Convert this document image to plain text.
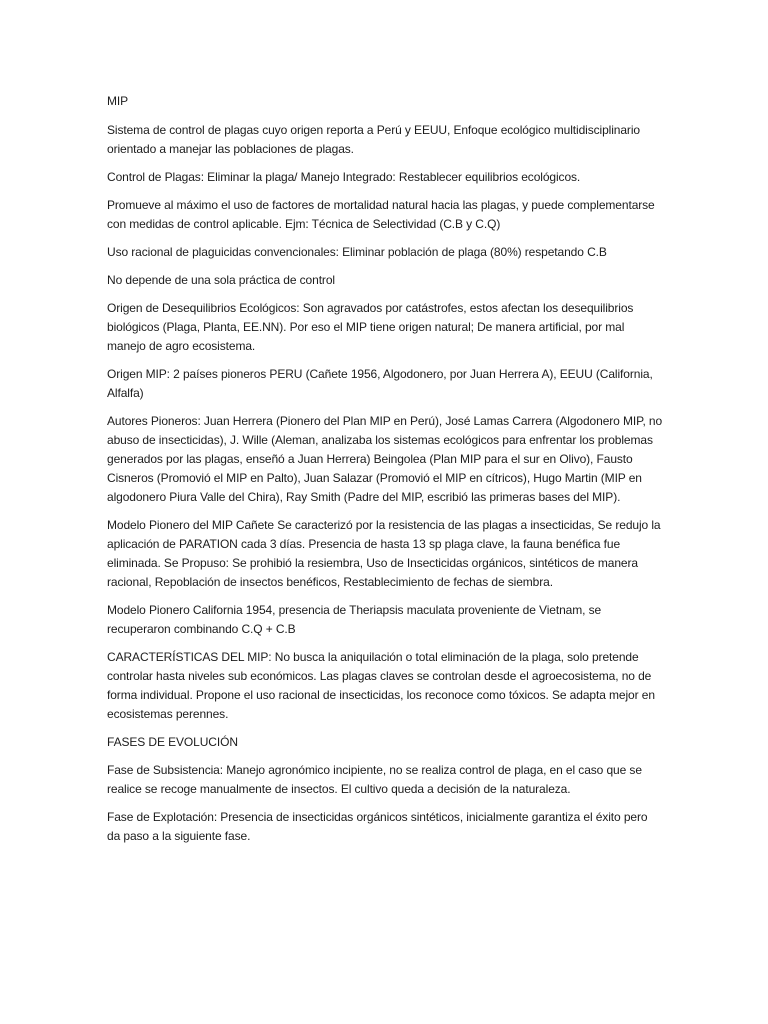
MIP

Sistema de control de plagas cuyo origen reporta a Perú y EEUU, Enfoque ecológico multidisciplinario orientado a manejar las poblaciones de plagas.

Control de Plagas: Eliminar la plaga/ Manejo Integrado: Restablecer equilibrios ecológicos.

Promueve al máximo el uso de factores de mortalidad natural hacia las plagas, y puede complementarse con medidas de control aplicable. Ejm: Técnica de Selectividad (C.B y C.Q)

Uso racional de plaguicidas convencionales: Eliminar población de plaga (80%) respetando C.B

No depende de una sola práctica de control

Origen de Desequilibrios Ecológicos: Son agravados por catástrofes, estos afectan los desequilibrios biológicos (Plaga, Planta, EE.NN). Por eso el MIP tiene origen natural; De manera artificial, por mal manejo de agro ecosistema.

Origen MIP: 2 países pioneros PERU (Cañete 1956, Algodonero, por Juan Herrera A), EEUU (California, Alfalfa)

Autores Pioneros: Juan Herrera (Pionero del Plan MIP en Perú), José Lamas Carrera (Algodonero MIP, no abuso de insecticidas), J. Wille (Aleman, analizaba los sistemas ecológicos para enfrentar los problemas generados por las plagas, enseñó a Juan Herrera) Beingolea (Plan MIP para el sur en Olivo), Fausto Cisneros (Promovió el MIP en Palto), Juan Salazar (Promovió el MIP en cítricos), Hugo Martin (MIP en algodonero Piura Valle del Chira), Ray Smith (Padre del MIP, escribió las primeras bases del MIP).

Modelo Pionero del MIP Cañete Se caracterizó por la resistencia de las plagas a insecticidas, Se redujo la aplicación de PARATION cada 3 días. Presencia de hasta 13 sp plaga clave, la fauna benéfica fue eliminada. Se Propuso: Se prohibió la resiembra, Uso de Insecticidas orgánicos, sintéticos de manera racional, Repoblación de insectos benéficos, Restablecimiento de fechas de siembra.

Modelo Pionero California 1954, presencia de Theriapsis maculata proveniente de Vietnam, se recuperaron combinando C.Q + C.B

CARACTERÍSTICAS DEL MIP: No busca la aniquilación o total eliminación de la plaga, solo pretende controlar hasta niveles sub económicos. Las plagas claves se controlan desde el agroecosistema, no de forma individual. Propone el uso racional de insecticidas, los reconoce como tóxicos. Se adapta mejor en ecosistemas perennes.

FASES DE EVOLUCIÓN

Fase de Subsistencia: Manejo agronómico incipiente, no se realiza control de plaga, en el caso que se realice se recoge manualmente de insectos. El cultivo queda a decisión de la naturaleza.

Fase de Explotación: Presencia de insecticidas orgánicos sintéticos, inicialmente garantiza el éxito pero da paso a la siguiente fase.
